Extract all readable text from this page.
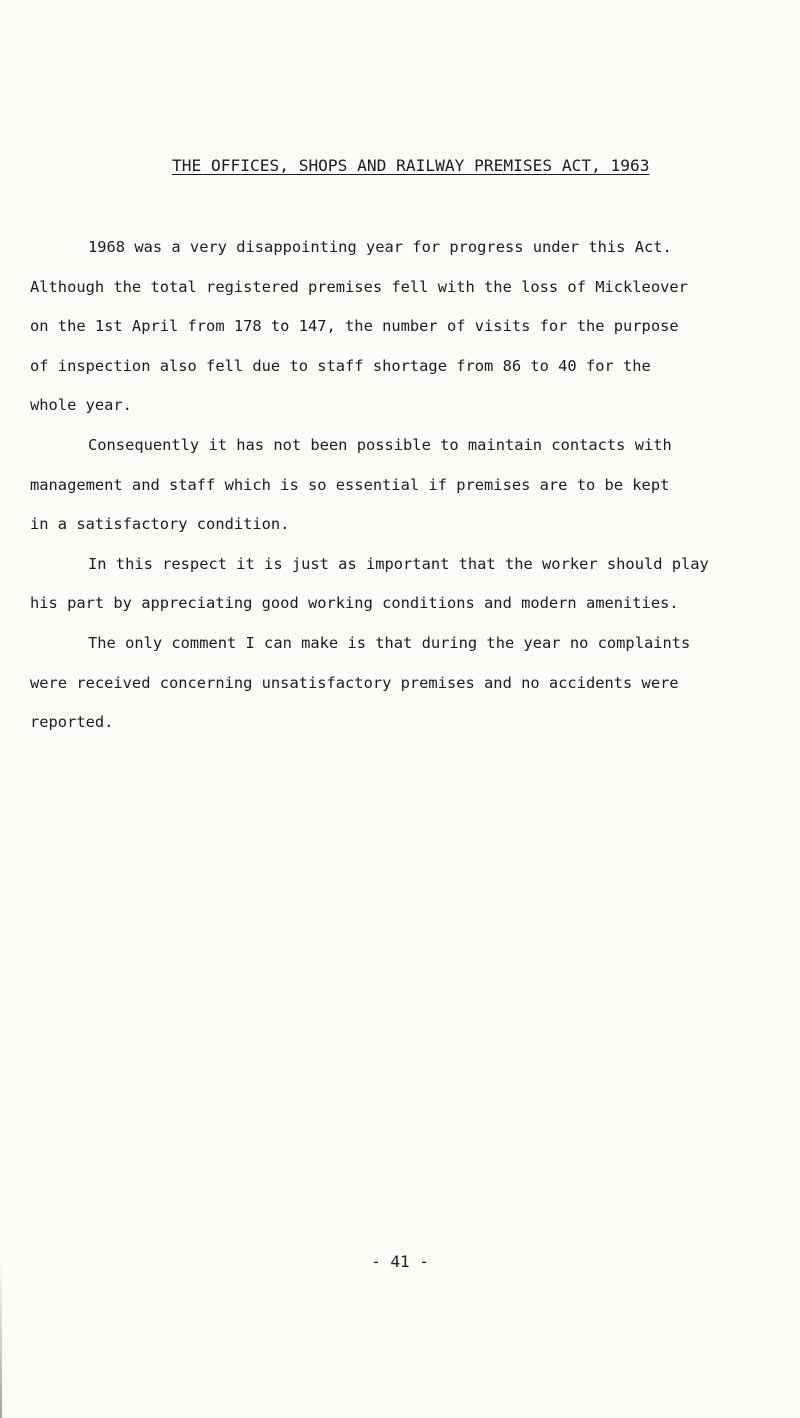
THE OFFICES, SHOPS AND RAILWAY PREMISES ACT, 1963
1968 was a very disappointing year for progress under this Act.
Although the total registered premises fell with the loss of Mickleover
on the 1st April from 178 to 147, the number of visits for the purpose
of inspection also fell due to staff shortage from 86 to 40 for the
whole year.
Consequently it has not been possible to maintain contacts with
management and staff which is so essential if premises are to be kept
in a satisfactory condition.
In this respect it is just as important that the worker should play
his part by appreciating good working conditions and modern amenities.
The only comment I can make is that during the year no complaints
were received concerning unsatisfactory premises and no accidents were
reported.
- 41 -
